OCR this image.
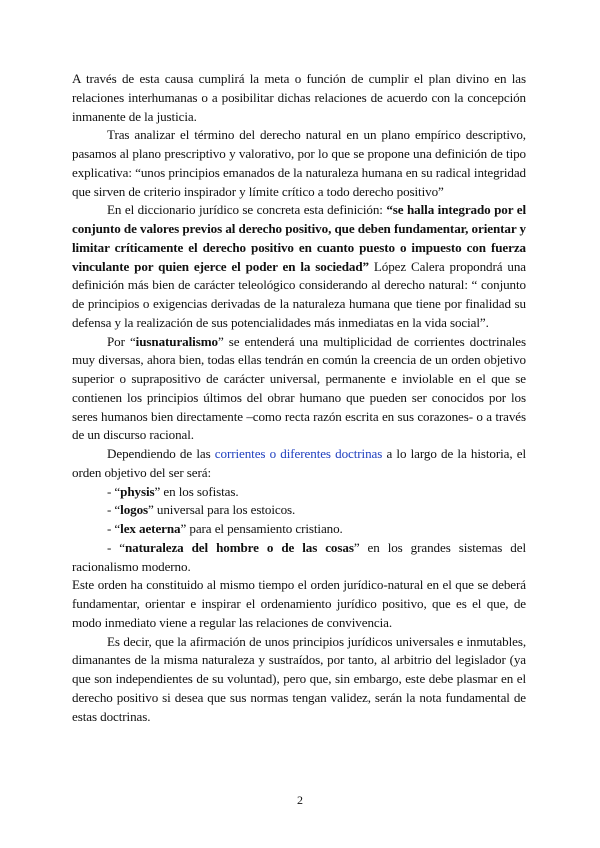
A través de esta causa cumplirá la meta o función de cumplir el plan divino en las relaciones interhumanas o a posibilitar dichas relaciones de acuerdo con la concepción inmanente de la justicia.

Tras analizar el término del derecho natural en un plano empírico descriptivo, pasamos al plano prescriptivo y valorativo, por lo que se propone una definición de tipo explicativa: “unos principios emanados de la naturaleza humana en su radical integridad que sirven de criterio inspirador y límite crítico a todo derecho positivo”

En el diccionario jurídico se concreta esta definición: “se halla integrado por el conjunto de valores previos al derecho positivo, que deben fundamentar, orientar y limitar críticamente el derecho positivo en cuanto puesto o impuesto con fuerza vinculante por quien ejerce el poder en la sociedad” López Calera propondrá una definición más bien de carácter teleológico considerando al derecho natural: “ conjunto de principios o exigencias derivadas de la naturaleza humana que tiene por finalidad su defensa y la realización de sus potencialidades más inmediatas en la vida social”.

Por “iusnaturalismo” se entenderá una multiplicidad de corrientes doctrinales muy diversas, ahora bien, todas ellas tendrán en común la creencia de un orden objetivo superior o suprapositivo de carácter universal, permanente e inviolable en el que se contienen los principios últimos del obrar humano que pueden ser conocidos por los seres humanos bien directamente –como recta razón escrita en sus corazones- o a través de un discurso racional.

Dependiendo de las corrientes o diferentes doctrinas a lo largo de la historia, el orden objetivo del ser será:

- “physis” en los sofistas.

- “logos” universal para los estoicos.

- “lex aeterna” para el pensamiento cristiano.

- “naturaleza del hombre o de las cosas” en los grandes sistemas del racionalismo moderno.

Este orden ha constituido al mismo tiempo el orden jurídico-natural en el que se deberá fundamentar, orientar e inspirar el ordenamiento jurídico positivo, que es el que, de modo inmediato viene a regular las relaciones de convivencia.

Es decir, que la afirmación de unos principios jurídicos universales e inmutables, dimanantes de la misma naturaleza y sustraídos, por tanto, al arbitrio del legislador (ya que son independientes de su voluntad), pero que, sin embargo, este debe plasmar en el derecho positivo si desea que sus normas tengan validez, serán la nota fundamental de estas doctrinas.

2
